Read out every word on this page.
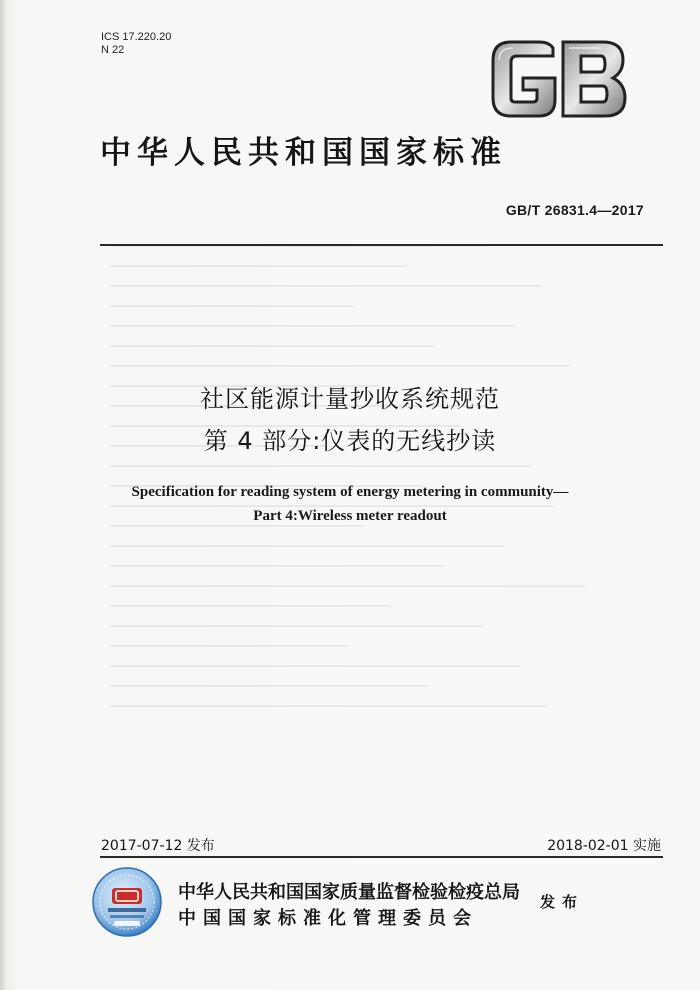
ICS 17.220.20
N 22
中华人民共和国国家标准
GB/T 26831.4—2017
社区能源计量抄收系统规范
第 4 部分:仪表的无线抄读
Specification for reading system of energy metering in community—
Part 4:Wireless meter readout
2017-07-12 发布	2018-02-01 实施
中华人民共和国国家质量监督检验检疫总局
中国国家标准化管理委员会
发布
